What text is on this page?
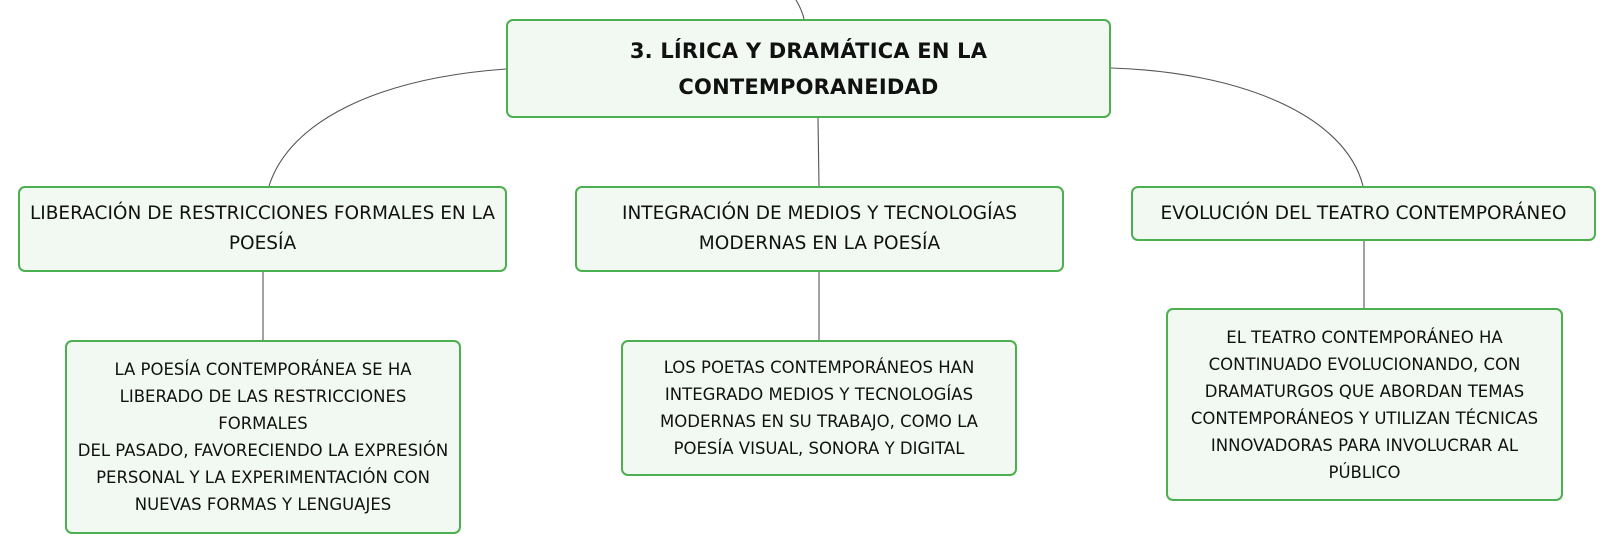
3. LÍRICA Y DRAMÁTICA EN LA
CONTEMPORANEIDAD
LIBERACIÓN DE RESTRICCIONES FORMALES EN LA
POESÍA
INTEGRACIÓN DE MEDIOS Y TECNOLOGÍAS
MODERNAS EN LA POESÍA
EVOLUCIÓN DEL TEATRO CONTEMPORÁNEO
LA POESÍA CONTEMPORÁNEA SE HA
LIBERADO DE LAS RESTRICCIONES FORMALES
DEL PASADO, FAVORECIENDO LA EXPRESIÓN
PERSONAL Y LA EXPERIMENTACIÓN CON
NUEVAS FORMAS Y LENGUAJES
LOS POETAS CONTEMPORÁNEOS HAN
INTEGRADO MEDIOS Y TECNOLOGÍAS
MODERNAS EN SU TRABAJO, COMO LA
POESÍA VISUAL, SONORA Y DIGITAL
EL TEATRO CONTEMPORÁNEO HA
CONTINUADO EVOLUCIONANDO, CON
DRAMATURGOS QUE ABORDAN TEMAS
CONTEMPORÁNEOS Y UTILIZAN TÉCNICAS
INNOVADORAS PARA INVOLUCRAR AL
PÚBLICO
